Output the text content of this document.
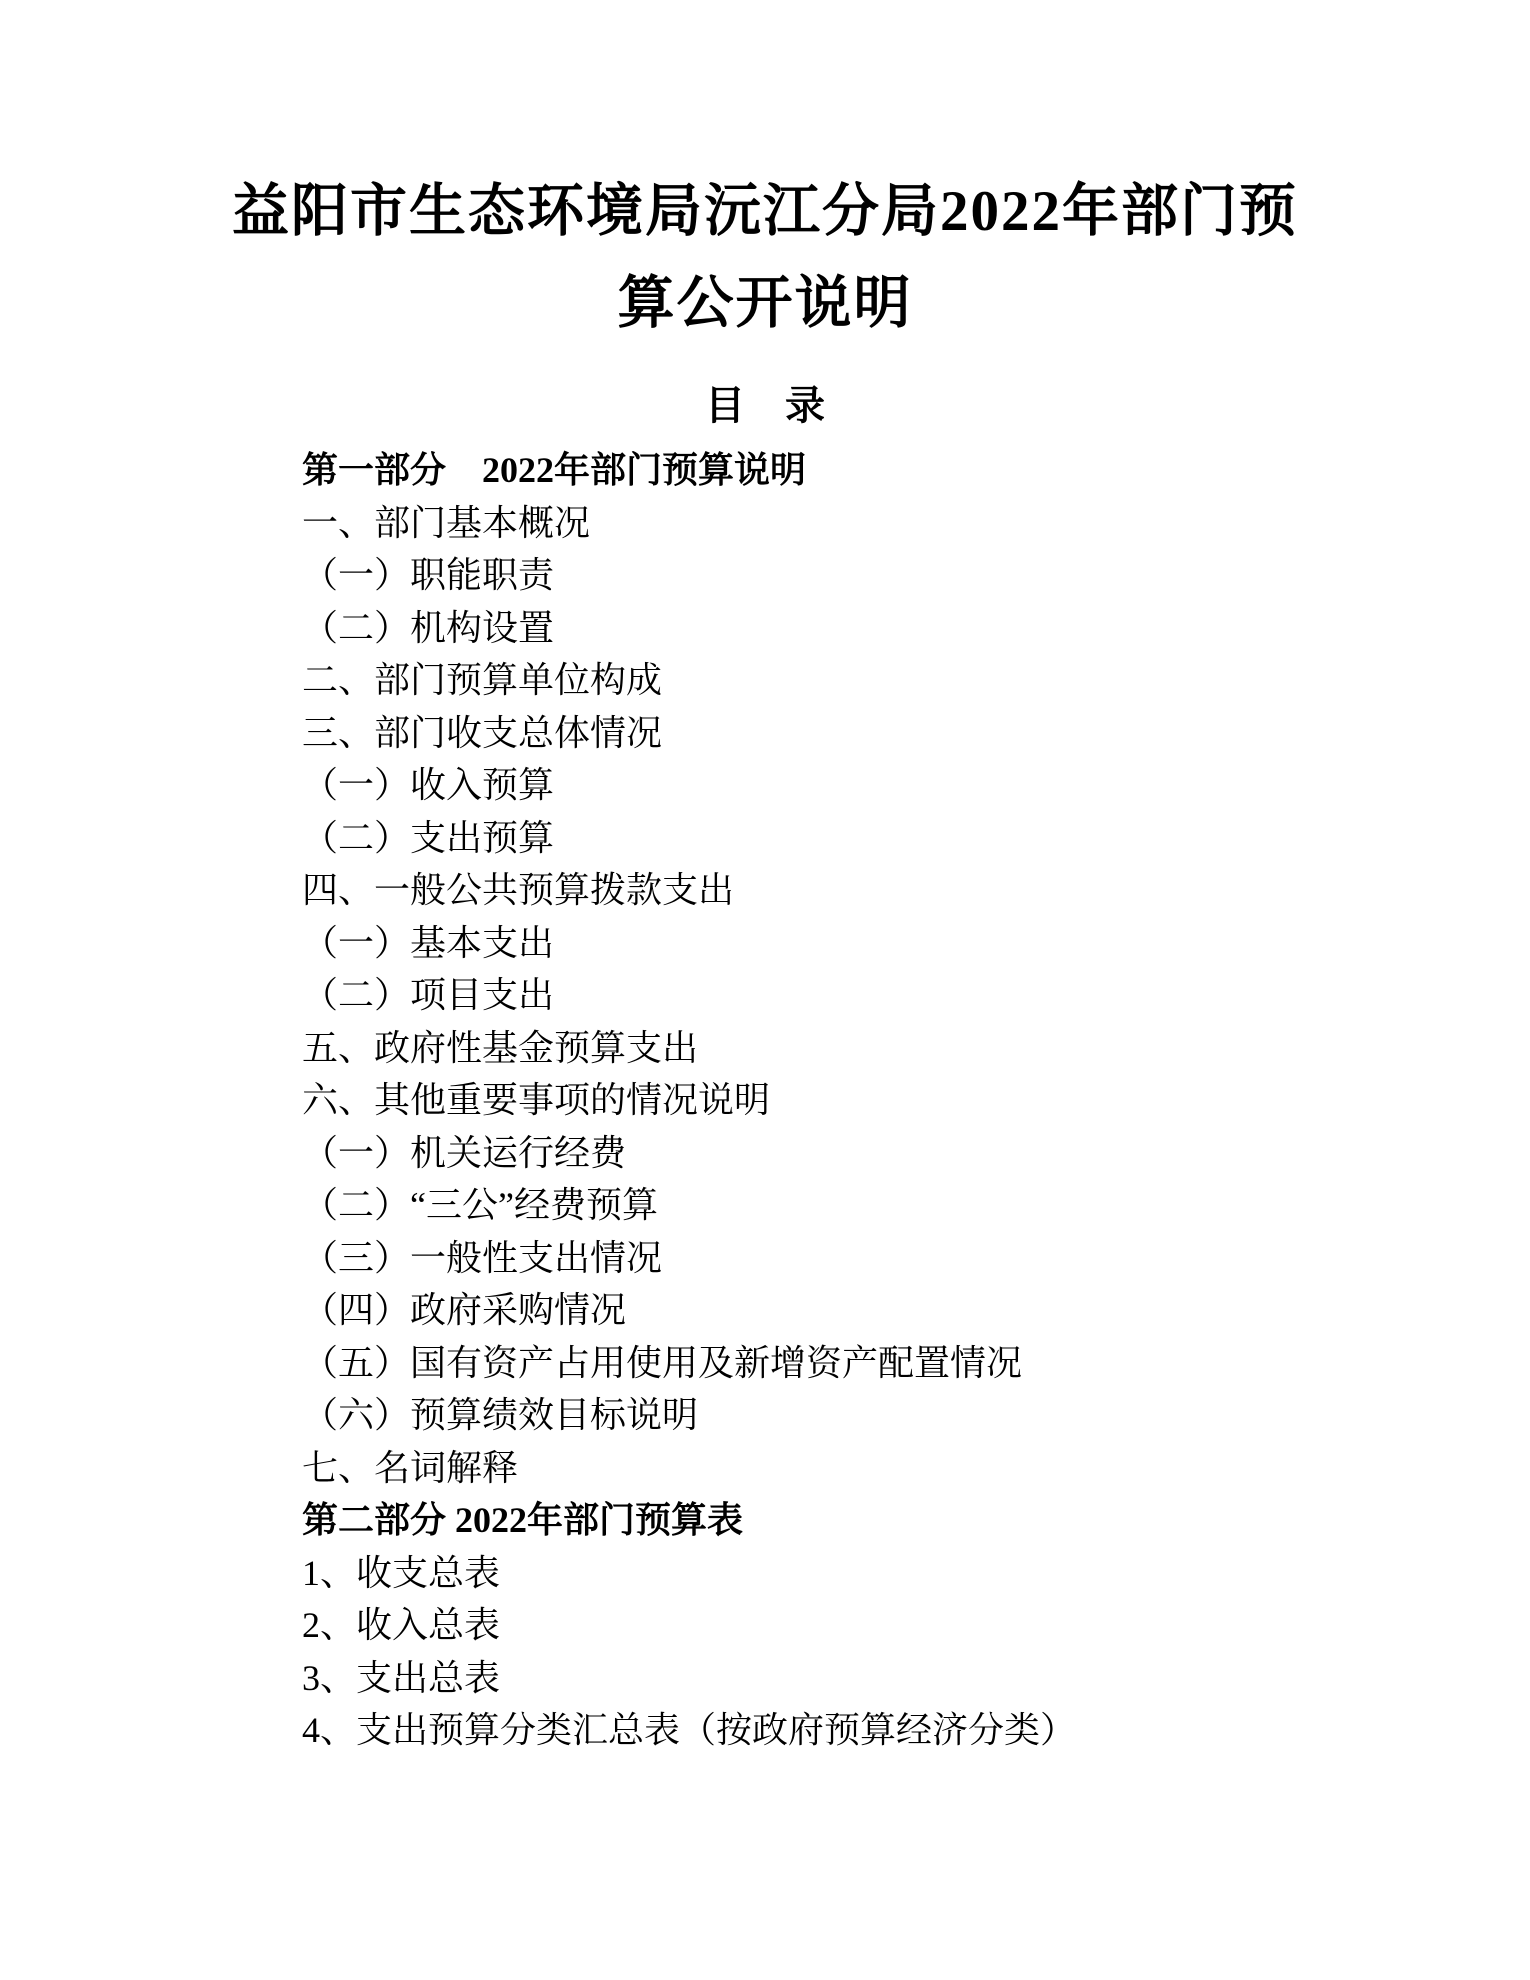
益阳市生态环境局沅江分局2022年部门预
算公开说明
目　录
第一部分　2022年部门预算说明
一、部门基本概况
（一）职能职责
（二）机构设置
二、部门预算单位构成
三、部门收支总体情况
（一）收入预算
（二）支出预算
四、一般公共预算拨款支出
（一）基本支出
（二）项目支出
五、政府性基金预算支出
六、其他重要事项的情况说明
（一）机关运行经费
（二）“三公”经费预算
（三）一般性支出情况
（四）政府采购情况
（五）国有资产占用使用及新增资产配置情况
（六）预算绩效目标说明
七、名词解释
第二部分 2022年部门预算表
1、收支总表
2、收入总表
3、支出总表
4、支出预算分类汇总表（按政府预算经济分类）
